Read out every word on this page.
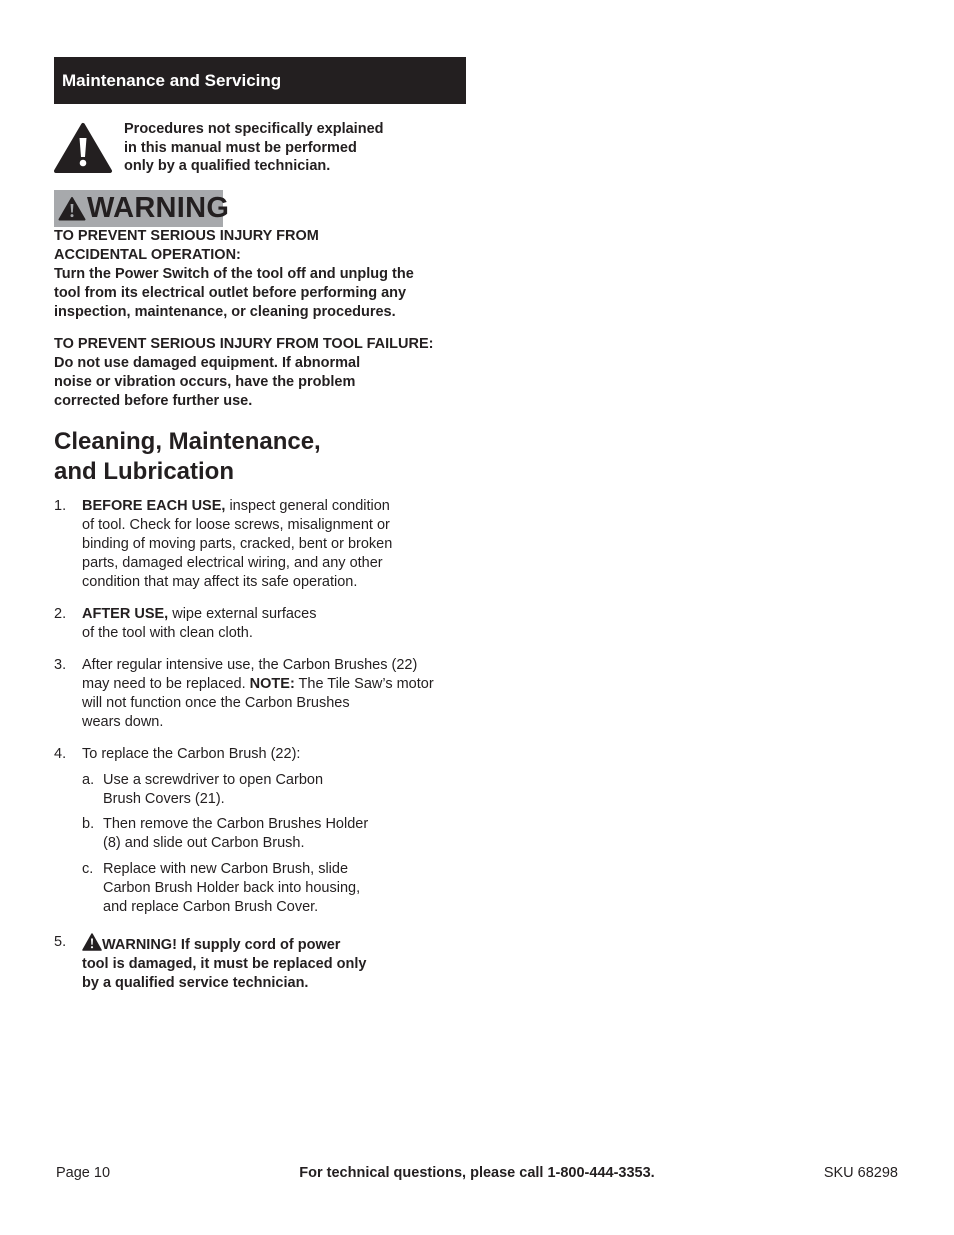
Maintenance and Servicing
Procedures not specifically explained
in this manual must be performed
only by a qualified technician.
WARNING

TO PREVENT SERIOUS INJURY FROM

ACCIDENTAL OPERATION:

Turn the Power Switch of the tool off and unplug the

tool from its electrical outlet before performing any

inspection, maintenance, or cleaning procedures.

TO PREVENT SERIOUS INJURY FROM TOOL FAILURE:

Do not use damaged equipment. If abnormal

noise or vibration occurs, have the problem

corrected before further use.

Cleaning, Maintenance,
and Lubrication
1. BEFORE EACH USE, inspect general condition
of tool. Check for loose screws, misalignment or
binding of moving parts, cracked, bent or broken
parts, damaged electrical wiring, and any other
condition that may affect its safe operation.
2. AFTER USE, wipe external surfaces
of the tool with clean cloth.
3. After regular intensive use, the Carbon Brushes (22)
may need to be replaced. NOTE: The Tile Saw’s motor
will not function once the Carbon Brushes
wears down.
4. To replace the Carbon Brush (22):
a. Use a screwdriver to open Carbon
Brush Covers (21).
b. Then remove the Carbon Brushes Holder
(8) and slide out Carbon Brush.
c. Replace with new Carbon Brush, slide
Carbon Brush Holder back into housing,
and replace Carbon Brush Cover.
5.	WARNING! If supply cord of power
tool is damaged, it must be replaced only
by a qualified service technician.
Page 10	For technical questions, please call 1-800-444-3353.	SKU 68298
